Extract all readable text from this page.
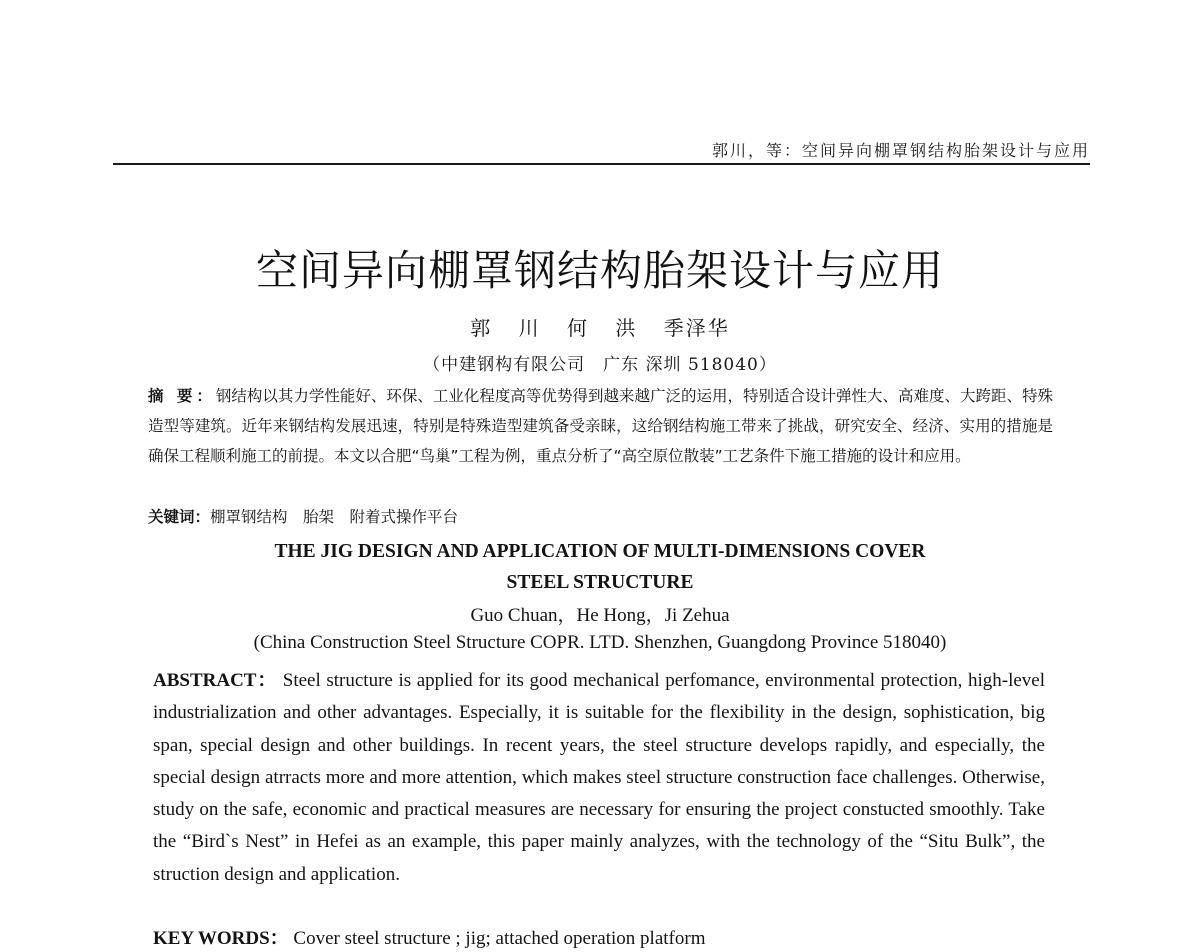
郭川，等：空间异向棚罩钢结构胎架设计与应用
空间异向棚罩钢结构胎架设计与应用
郭 川 何 洪 季泽华
（中建钢构有限公司　广东 深圳 518040）
摘 要：钢结构以其力学性能好、环保、工业化程度高等优势得到越来越广泛的运用，特别适合设计弹性大、高难度、大跨距、特殊造型等建筑。近年来钢结构发展迅速，特别是特殊造型建筑备受亲睐，这给钢结构施工带来了挑战，研究安全、经济、实用的措施是确保工程顺利施工的前提。本文以合肥“鸟巢”工程为例，重点分析了“高空原位散装”工艺条件下施工措施的设计和应用。
关键词：棚罩钢结构　胎架　附着式操作平台
THE JIG DESIGN AND APPLICATION OF MULTI-DIMENSIONS COVER
STEEL STRUCTURE
Guo Chuan，He Hong，Ji Zehua
(China Construction Steel Structure COPR. LTD. Shenzhen, Guangdong Province 518040)
ABSTRACT： Steel structure is applied for its good mechanical perfomance, environmental protection, high-level industrialization and other advantages. Especially, it is suitable for the flexibility in the design, sophistication, big span, special design and other buildings. In recent years, the steel structure develops rapidly, and especially, the special design atrracts more and more attention, which makes steel structure construction face challenges. Otherwise, study on the safe, economic and practical measures are necessary for ensuring the project constucted smoothly. Take the “Bird`s Nest” in Hefei as an example, this paper mainly analyzes, with the technology of the “Situ Bulk”, the struction design and application.
KEY WORDS： Cover steel structure ; jig; attached operation platform
